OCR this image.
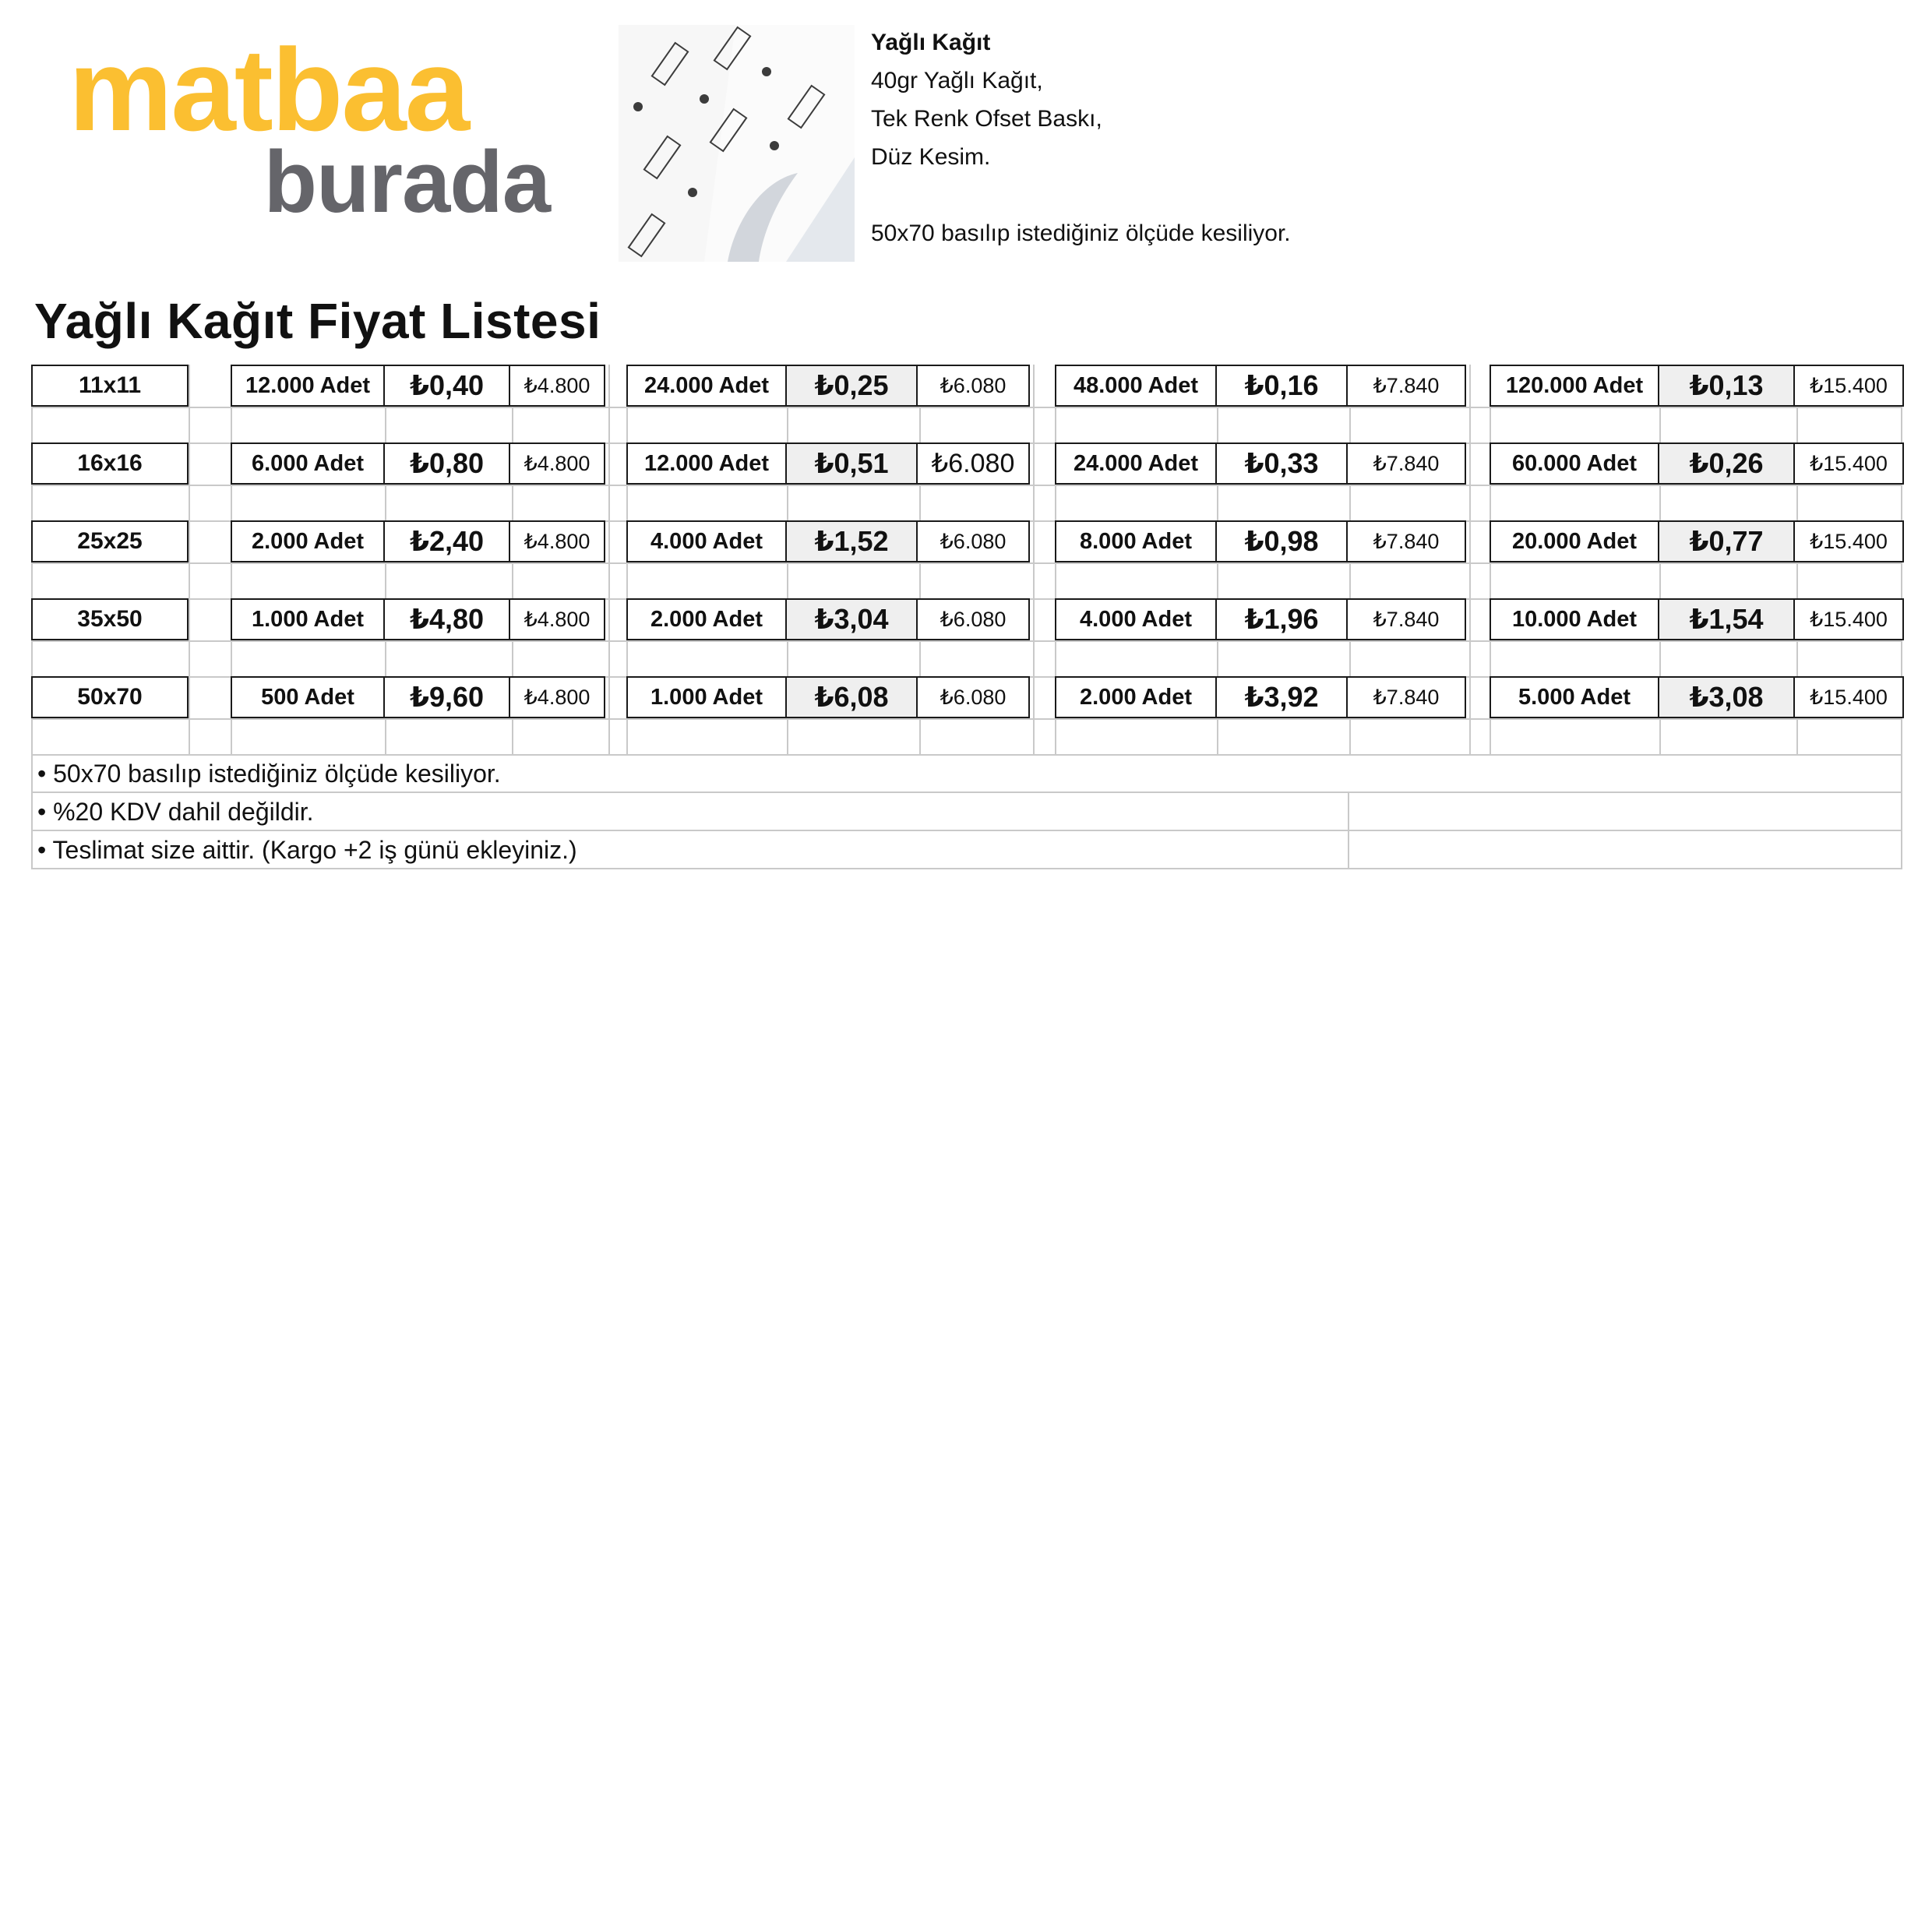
matbaa
burada
Yağlı Kağıt
40gr Yağlı Kağıt,
Tek Renk Ofset Baskı,
Düz Kesim.
50x70 basılıp istediğiniz ölçüde kesiliyor.
Yağlı Kağıt Fiyat Listesi
11x11	12.000 Adet	₺0,40	₺4.800	24.000 Adet	₺0,25	₺6.080	48.000 Adet	₺0,16	₺7.840	120.000 Adet	₺0,13	₺15.400
16x16	6.000 Adet	₺0,80	₺4.800	12.000 Adet	₺0,51	₺6.080	24.000 Adet	₺0,33	₺7.840	60.000 Adet	₺0,26	₺15.400
25x25	2.000 Adet	₺2,40	₺4.800	4.000 Adet	₺1,52	₺6.080	8.000 Adet	₺0,98	₺7.840	20.000 Adet	₺0,77	₺15.400
35x50	1.000 Adet	₺4,80	₺4.800	2.000 Adet	₺3,04	₺6.080	4.000 Adet	₺1,96	₺7.840	10.000 Adet	₺1,54	₺15.400
50x70	500 Adet	₺9,60	₺4.800	1.000 Adet	₺6,08	₺6.080	2.000 Adet	₺3,92	₺7.840	5.000 Adet	₺3,08	₺15.400
• 50x70 basılıp istediğiniz ölçüde kesiliyor.
• %20 KDV dahil değildir.
• Teslimat size aittir. (Kargo +2 iş günü ekleyiniz.)
